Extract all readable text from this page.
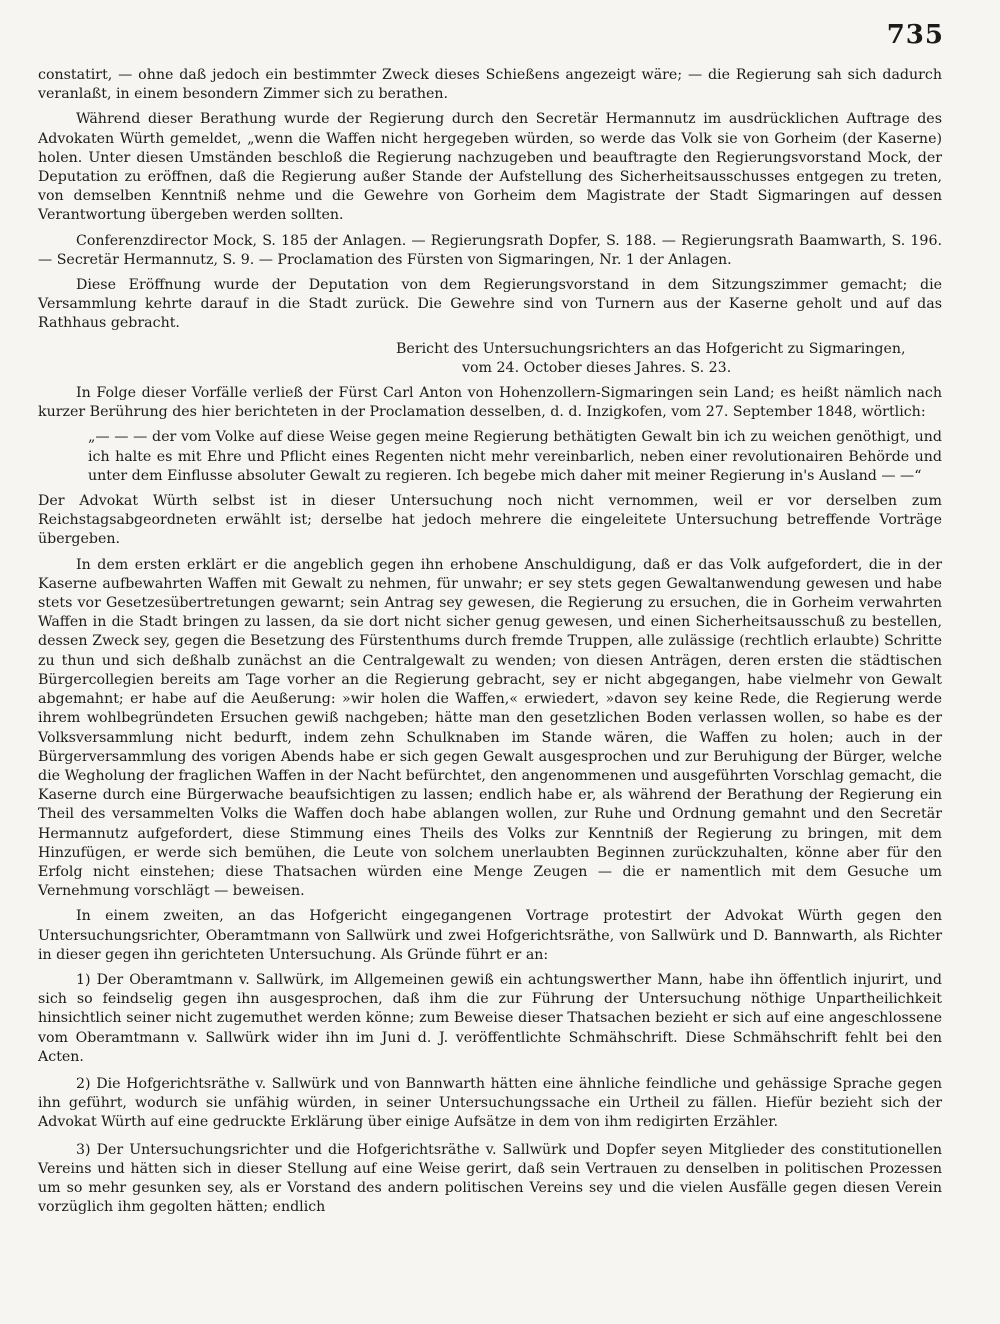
735

constatirt, — ohne daß jedoch ein bestimmter Zweck dieses Schießens angezeigt wäre; — die Regierung sah sich dadurch veranlaßt, in einem besondern Zimmer sich zu berathen.

Während dieser Berathung wurde der Regierung durch den Secretär Hermannutz im ausdrücklichen Auftrage des Advokaten Würth gemeldet, „wenn die Waffen nicht hergegeben würden, so werde das Volk sie von Gorheim (der Kaserne) holen. Unter diesen Umständen beschloß die Regierung nachzugeben und beauftragte den Regierungsvorstand Mock, der Deputation zu eröffnen, daß die Regierung außer Stande der Aufstellung des Sicherheitsausschusses entgegen zu treten, von demselben Kenntniß nehme und die Gewehre von Gorheim dem Magistrate der Stadt Sigmaringen auf dessen Verantwortung übergeben werden sollten.

Conferenzdirector Mock, S. 185 der Anlagen. — Regierungsrath Dopfer, S. 188. — Regierungsrath Baamwarth, S. 196. — Secretär Hermannutz, S. 9. — Proclamation des Fürsten von Sigmaringen, Nr. 1 der Anlagen.

Diese Eröffnung wurde der Deputation von dem Regierungsvorstand in dem Sitzungszimmer gemacht; die Versammlung kehrte darauf in die Stadt zurück. Die Gewehre sind von Turnern aus der Kaserne geholt und auf das Rathhaus gebracht.

Bericht des Untersuchungsrichters an das Hofgericht zu Sigmaringen,
vom 24. October dieses Jahres. S. 23.

In Folge dieser Vorfälle verließ der Fürst Carl Anton von Hohenzollern-Sigmaringen sein Land; es heißt nämlich nach kurzer Berührung des hier berichteten in der Proclamation desselben, d. d. Inzigkofen, vom 27. September 1848, wörtlich:

„— — — der vom Volke auf diese Weise gegen meine Regierung bethätigten Gewalt bin ich zu weichen genöthigt, und ich halte es mit Ehre und Pflicht eines Regenten nicht mehr vereinbarlich, neben einer revolutionairen Behörde und unter dem Einflusse absoluter Gewalt zu regieren. Ich begebe mich daher mit meiner Regierung in's Ausland — —“

Der Advokat Würth selbst ist in dieser Untersuchung noch nicht vernommen, weil er vor derselben zum Reichstagsabgeordneten erwählt ist; derselbe hat jedoch mehrere die eingeleitete Untersuchung betreffende Vorträge übergeben.

In dem ersten erklärt er die angeblich gegen ihn erhobene Anschuldigung, daß er das Volk aufgefordert, die in der Kaserne aufbewahrten Waffen mit Gewalt zu nehmen, für unwahr; er sey stets gegen Gewaltanwendung gewesen und habe stets vor Gesetzesübertretungen gewarnt; sein Antrag sey gewesen, die Regierung zu ersuchen, die in Gorheim verwahrten Waffen in die Stadt bringen zu lassen, da sie dort nicht sicher genug gewesen, und einen Sicherheitsausschuß zu bestellen, dessen Zweck sey, gegen die Besetzung des Fürstenthums durch fremde Truppen, alle zulässige (rechtlich erlaubte) Schritte zu thun und sich deßhalb zunächst an die Centralgewalt zu wenden; von diesen Anträgen, deren ersten die städtischen Bürgercollegien bereits am Tage vorher an die Regierung gebracht, sey er nicht abgegangen, habe vielmehr von Gewalt abgemahnt; er habe auf die Aeußerung: »wir holen die Waffen,« erwiedert, »davon sey keine Rede, die Regierung werde ihrem wohlbegründeten Ersuchen gewiß nachgeben; hätte man den gesetzlichen Boden verlassen wollen, so habe es der Volksversammlung nicht bedurft, indem zehn Schulknaben im Stande wären, die Waffen zu holen; auch in der Bürgerversammlung des vorigen Abends habe er sich gegen Gewalt ausgesprochen und zur Beruhigung der Bürger, welche die Wegholung der fraglichen Waffen in der Nacht befürchtet, den angenommenen und ausgeführten Vorschlag gemacht, die Kaserne durch eine Bürgerwache beaufsichtigen zu lassen; endlich habe er, als während der Berathung der Regierung ein Theil des versammelten Volks die Waffen doch habe ablangen wollen, zur Ruhe und Ordnung gemahnt und den Secretär Hermannutz aufgefordert, diese Stimmung eines Theils des Volks zur Kenntniß der Regierung zu bringen, mit dem Hinzufügen, er werde sich bemühen, die Leute von solchem unerlaubten Beginnen zurückzuhalten, könne aber für den Erfolg nicht einstehen; diese Thatsachen würden eine Menge Zeugen — die er namentlich mit dem Gesuche um Vernehmung vorschlägt — beweisen.

In einem zweiten, an das Hofgericht eingegangenen Vortrage protestirt der Advokat Würth gegen den Untersuchungsrichter, Oberamtmann von Sallwürk und zwei Hofgerichtsräthe, von Sallwürk und D. Bannwarth, als Richter in dieser gegen ihn gerichteten Untersuchung. Als Gründe führt er an:

1) Der Oberamtmann v. Sallwürk, im Allgemeinen gewiß ein achtungswerther Mann, habe ihn öffentlich injurirt, und sich so feindselig gegen ihn ausgesprochen, daß ihm die zur Führung der Untersuchung nöthige Unpartheilichkeit hinsichtlich seiner nicht zugemuthet werden könne; zum Beweise dieser Thatsachen bezieht er sich auf eine angeschlossene vom Oberamtmann v. Sallwürk wider ihn im Juni d. J. veröffentlichte Schmähschrift. Diese Schmähschrift fehlt bei den Acten.

2) Die Hofgerichtsräthe v. Sallwürk und von Bannwarth hätten eine ähnliche feindliche und gehässige Sprache gegen ihn geführt, wodurch sie unfähig würden, in seiner Untersuchungssache ein Urtheil zu fällen. Hiefür bezieht sich der Advokat Würth auf eine gedruckte Erklärung über einige Aufsätze in dem von ihm redigirten Erzähler.

3) Der Untersuchungsrichter und die Hofgerichtsräthe v. Sallwürk und Dopfer seyen Mitglieder des constitutionellen Vereins und hätten sich in dieser Stellung auf eine Weise gerirt, daß sein Vertrauen zu denselben in politischen Prozessen um so mehr gesunken sey, als er Vorstand des andern politischen Vereins sey und die vielen Ausfälle gegen diesen Verein vorzüglich ihm gegolten hätten; endlich
